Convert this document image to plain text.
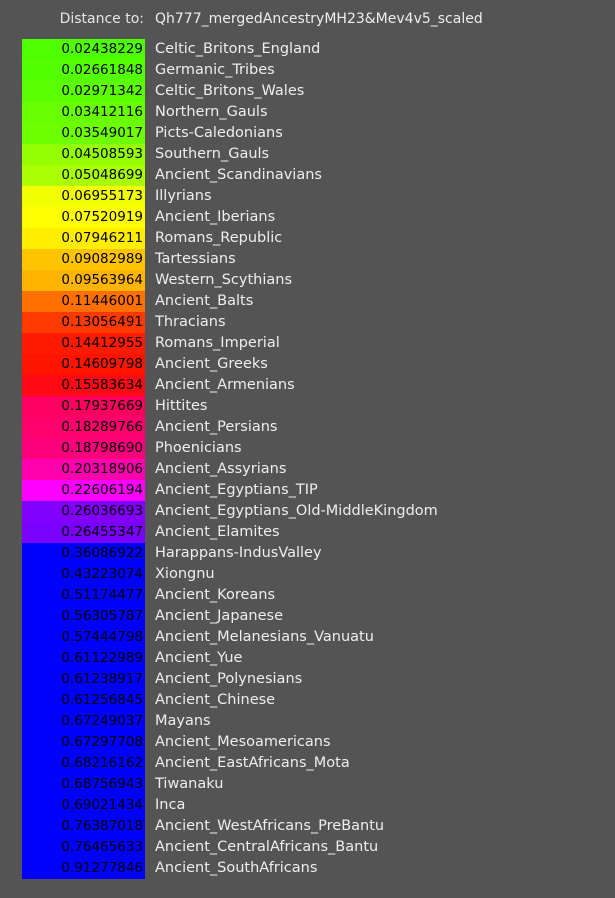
Distance to: Qh777_mergedAncestryMH23&Mev4v5_scaled
0.02438229 Celtic_Britons_England
0.02661848 Germanic_Tribes
0.02971342 Celtic_Britons_Wales
0.03412116 Northern_Gauls
0.03549017 Picts-Caledonians
0.04508593 Southern_Gauls
0.05048699 Ancient_Scandinavians
0.06955173 Illyrians
0.07520919 Ancient_Iberians
0.07946211 Romans_Republic
0.09082989 Tartessians
0.09563964 Western_Scythians
0.11446001 Ancient_Balts
0.13056491 Thracians
0.14412955 Romans_Imperial
0.14609798 Ancient_Greeks
0.15583634 Ancient_Armenians
0.17937669 Hittites
0.18289766 Ancient_Persians
0.18798690 Phoenicians
0.20318906 Ancient_Assyrians
0.22606194 Ancient_Egyptians_TIP
0.26036693 Ancient_Egyptians_Old-MiddleKingdom
0.26455347 Ancient_Elamites
0.36086922 Harappans-IndusValley
0.43223074 Xiongnu
0.51174477 Ancient_Koreans
0.56305787 Ancient_Japanese
0.57444798 Ancient_Melanesians_Vanuatu
0.61122989 Ancient_Yue
0.61238917 Ancient_Polynesians
0.61256845 Ancient_Chinese
0.67249037 Mayans
0.67297708 Ancient_Mesoamericans
0.68216162 Ancient_EastAfricans_Mota
0.68756943 Tiwanaku
0.69021434 Inca
0.76387018 Ancient_WestAfricans_PreBantu
0.76465633 Ancient_CentralAfricans_Bantu
0.91277846 Ancient_SouthAfricans
